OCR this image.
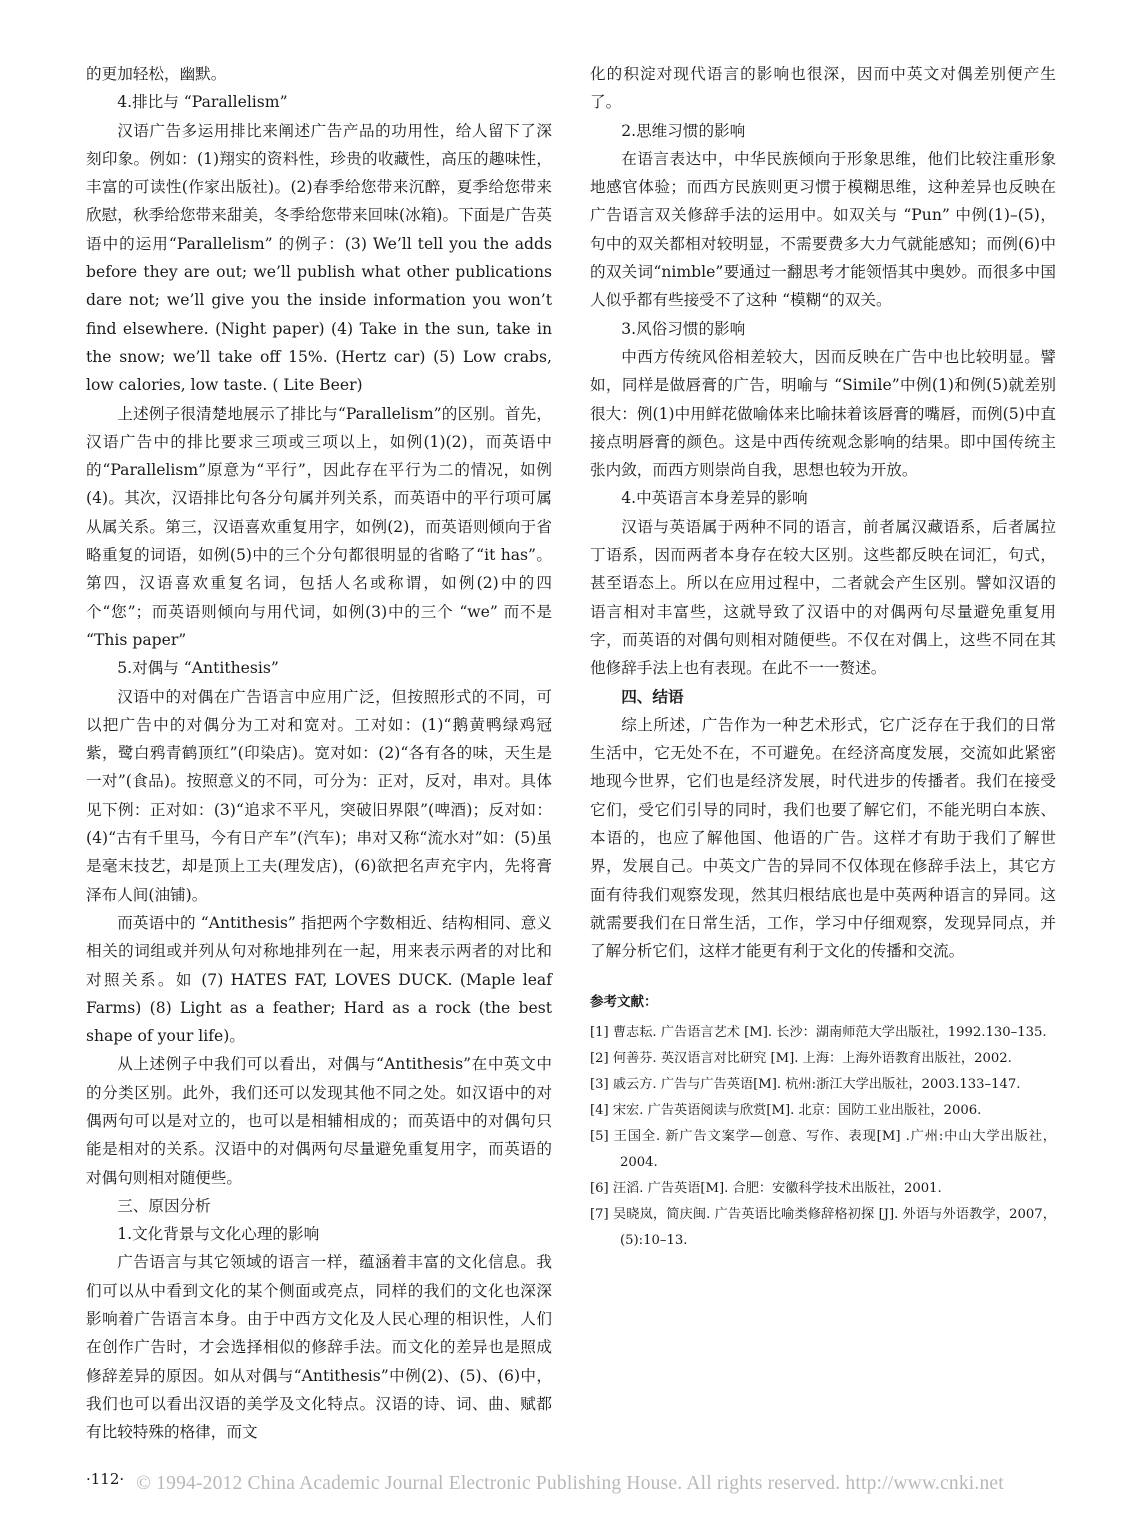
的更加轻松，幽默。

4.排比与 “Parallelism”

汉语广告多运用排比来阐述广告产品的功用性，给人留下了深刻印象。例如：(1)翔实的资料性，珍贵的收藏性，高压的趣味性，丰富的可读性(作家出版社)。(2)春季给您带来沉醉，夏季给您带来欣慰，秋季给您带来甜美，冬季给您带来回味(冰箱)。下面是广告英语中的运用“Parallelism” 的例子：(3) We’ll tell you the adds before they are out; we’ll publish what other publications dare not; we’ll give you the inside information you won’t find elsewhere. (Night paper) (4) Take in the sun, take in the snow; we’ll take off 15%. (Hertz car) (5) Low crabs, low calories, low taste. ( Lite Beer)

上述例子很清楚地展示了排比与“Parallelism”的区别。首先，汉语广告中的排比要求三项或三项以上，如例(1)(2)，而英语中的“Parallelism”原意为“平行”，因此存在平行为二的情况，如例(4)。其次，汉语排比句各分句属并列关系，而英语中的平行项可属从属关系。第三，汉语喜欢重复用字，如例(2)，而英语则倾向于省略重复的词语，如例(5)中的三个分句都很明显的省略了“it has”。第四，汉语喜欢重复名词，包括人名或称谓，如例(2)中的四个“您”；而英语则倾向与用代词，如例(3)中的三个 “we” 而不是 “This paper”

5.对偶与 “Antithesis”

汉语中的对偶在广告语言中应用广泛，但按照形式的不同，可以把广告中的对偶分为工对和宽对。工对如：(1)“鹅黄鸭绿鸡冠紫，鹭白鸦青鹤顶红”(印染店)。宽对如：(2)“各有各的味，天生是一对”(食品)。按照意义的不同，可分为：正对，反对，串对。具体见下例：正对如：(3)“追求不平凡，突破旧界限”(啤酒)；反对如：(4)“古有千里马，今有日产车”(汽车)；串对又称“流水对”如：(5)虽是毫末技艺，却是顶上工夫(理发店)，(6)欲把名声充宇内，先将膏泽布人间(油铺)。

而英语中的 “Antithesis” 指把两个字数相近、结构相同、意义相关的词组或并列从句对称地排列在一起，用来表示两者的对比和对照关系。如 (7) HATES FAT, LOVES DUCK. (Maple leaf Farms) (8) Light as a feather; Hard as a rock (the best shape of your life)。

从上述例子中我们可以看出，对偶与“Antithesis”在中英文中的分类区别。此外，我们还可以发现其他不同之处。如汉语中的对偶两句可以是对立的，也可以是相辅相成的；而英语中的对偶句只能是相对的关系。汉语中的对偶两句尽量避免重复用字，而英语的对偶句则相对随便些。

三、原因分析

1.文化背景与文化心理的影响

广告语言与其它领域的语言一样，蕴涵着丰富的文化信息。我们可以从中看到文化的某个侧面或亮点，同样的我们的文化也深深影响着广告语言本身。由于中西方文化及人民心理的相识性，人们在创作广告时，才会选择相似的修辞手法。而文化的差异也是照成修辞差异的原因。如从对偶与“Antithesis”中例(2)、(5)、(6)中，我们也可以看出汉语的美学及文化特点。汉语的诗、词、曲、赋都有比较特殊的格律，而文

化的积淀对现代语言的影响也很深，因而中英文对偶差别便产生了。

2.思维习惯的影响

在语言表达中，中华民族倾向于形象思维，他们比较注重形象地感官体验；而西方民族则更习惯于模糊思维，这种差异也反映在广告语言双关修辞手法的运用中。如双关与 “Pun” 中例(1)–(5)，句中的双关都相对较明显，不需要费多大力气就能感知；而例(6)中的双关词“nimble”要通过一翻思考才能领悟其中奥妙。而很多中国人似乎都有些接受不了这种 “模糊“的双关。

3.风俗习惯的影响

中西方传统风俗相差较大，因而反映在广告中也比较明显。譬如，同样是做唇膏的广告，明喻与 “Simile”中例(1)和例(5)就差别很大：例(1)中用鲜花做喻体来比喻抹着该唇膏的嘴唇，而例(5)中直接点明唇膏的颜色。这是中西传统观念影响的结果。即中国传统主张内敛，而西方则崇尚自我，思想也较为开放。

4.中英语言本身差异的影响

汉语与英语属于两种不同的语言，前者属汉藏语系，后者属拉丁语系，因而两者本身存在较大区别。这些都反映在词汇，句式，甚至语态上。所以在应用过程中，二者就会产生区别。譬如汉语的语言相对丰富些，这就导致了汉语中的对偶两句尽量避免重复用字，而英语的对偶句则相对随便些。不仅在对偶上，这些不同在其他修辞手法上也有表现。在此不一一赘述。

四、结语

综上所述，广告作为一种艺术形式，它广泛存在于我们的日常生活中，它无处不在，不可避免。在经济高度发展，交流如此紧密地现今世界，它们也是经济发展，时代进步的传播者。我们在接受它们，受它们引导的同时，我们也要了解它们，不能光明白本族、本语的，也应了解他国、他语的广告。这样才有助于我们了解世界，发展自己。中英文广告的异同不仅体现在修辞手法上，其它方面有待我们观察发现，然其归根结底也是中英两种语言的异同。这就需要我们在日常生活，工作，学习中仔细观察，发现异同点，并了解分析它们，这样才能更有利于文化的传播和交流。

参考文献：

[1] 曹志耘. 广告语言艺术 [M]. 长沙：湖南师范大学出版社，1992.130–135.

[2] 何善芬. 英汉语言对比研究 [M]. 上海：上海外语教育出版社，2002.

[3] 戚云方. 广告与广告英语[M]. 杭州:浙江大学出版社，2003.133–147.

[4] 宋宏. 广告英语阅读与欣赏[M]. 北京：国防工业出版社，2006.

[5] 王国全. 新广告文案学—创意、写作、表现[M] .广州:中山大学出版社，2004.

[6] 汪滔. 广告英语[M]. 合肥：安徽科学技术出版社，2001.

[7] 吴晓岚，简庆闽. 广告英语比喻类修辞格初探 [J]. 外语与外语教学，2007，(5):10–13.

·112· © 1994-2012 China Academic Journal Electronic Publishing House. All rights reserved. http://www.cnki.net
